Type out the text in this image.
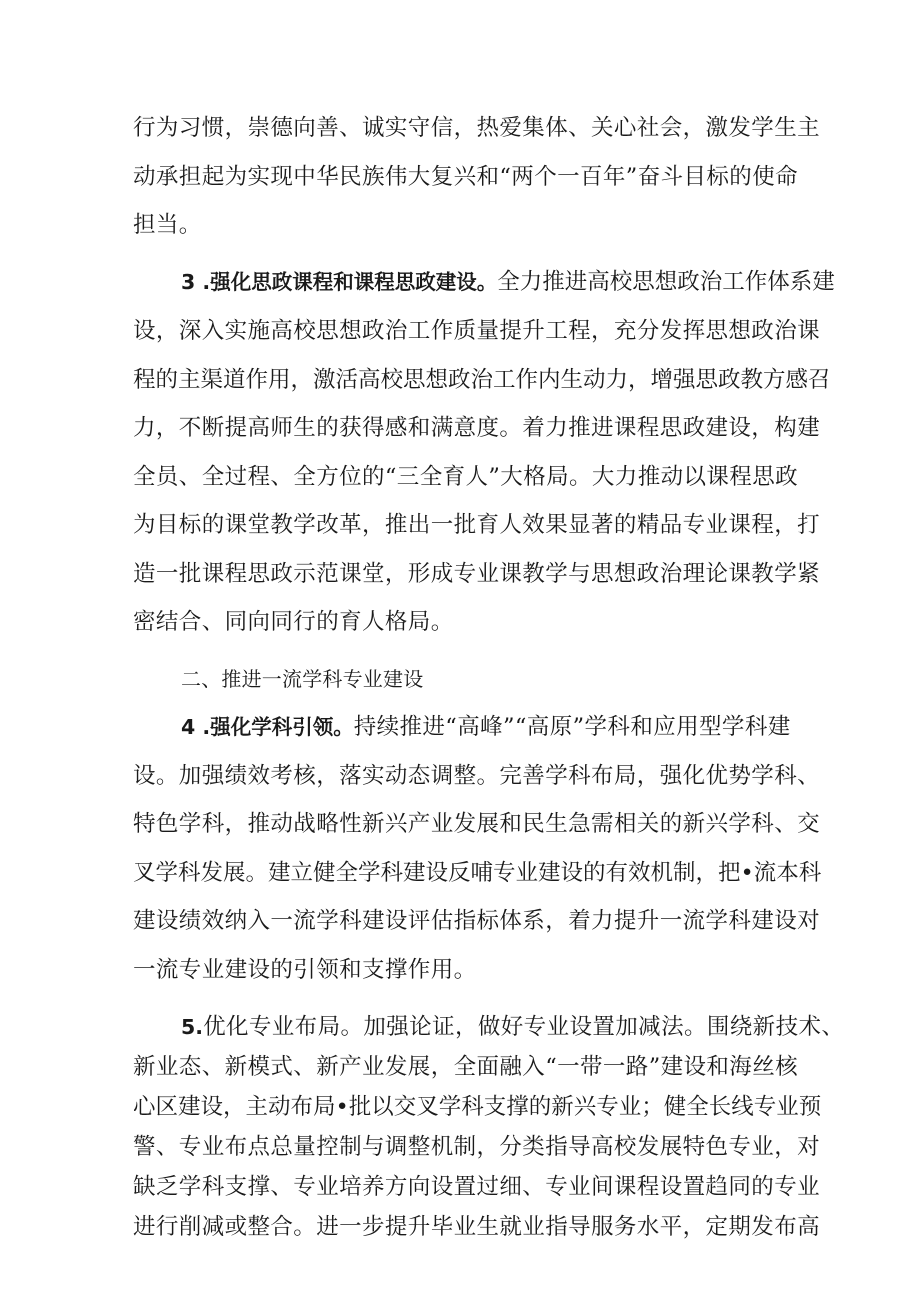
行为习惯，崇德向善、诚实守信，热爱集体、关心社会，激发学生主
动承担起为实现中华民族伟大复兴和“两个一百年”奋斗目标的使命
担当。
3 .强化思政课程和课程思政建设。全力推进高校思想政治工作体系建
设，深入实施高校思想政治工作质量提升工程，充分发挥思想政治课
程的主渠道作用，激活高校思想政治工作内生动力，增强思政教方感召
力，不断提高师生的获得感和满意度。着力推进课程思政建设，构建
全员、全过程、全方位的“三全育人”大格局。大力推动以课程思政
为目标的课堂教学改革，推出一批育人效果显著的精品专业课程，打
造一批课程思政示范课堂，形成专业课教学与思想政治理论课教学紧
密结合、同向同行的育人格局。
二、推进一流学科专业建设
4 .强化学科引领。持续推进“高峰”“高原”学科和应用型学科建
设。加强绩效考核，落实动态调整。完善学科布局，强化优势学科、
特色学科，推动战略性新兴产业发展和民生急需相关的新兴学科、交
叉学科发展。建立健全学科建设反哺专业建设的有效机制，把•流本科
建设绩效纳入一流学科建设评估指标体系，着力提升一流学科建设对
一流专业建设的引领和支撑作用。
5.优化专业布局。加强论证，做好专业设置加减法。围绕新技术、
新业态、新模式、新产业发展，全面融入“一带一路”建设和海丝核
心区建设，主动布局•批以交叉学科支撑的新兴专业；健全长线专业预
警、专业布点总量控制与调整机制，分类指导高校发展特色专业，对
缺乏学科支撑、专业培养方向设置过细、专业间课程设置趋同的专业
进行削减或整合。进一步提升毕业生就业指导服务水平，定期发布高
